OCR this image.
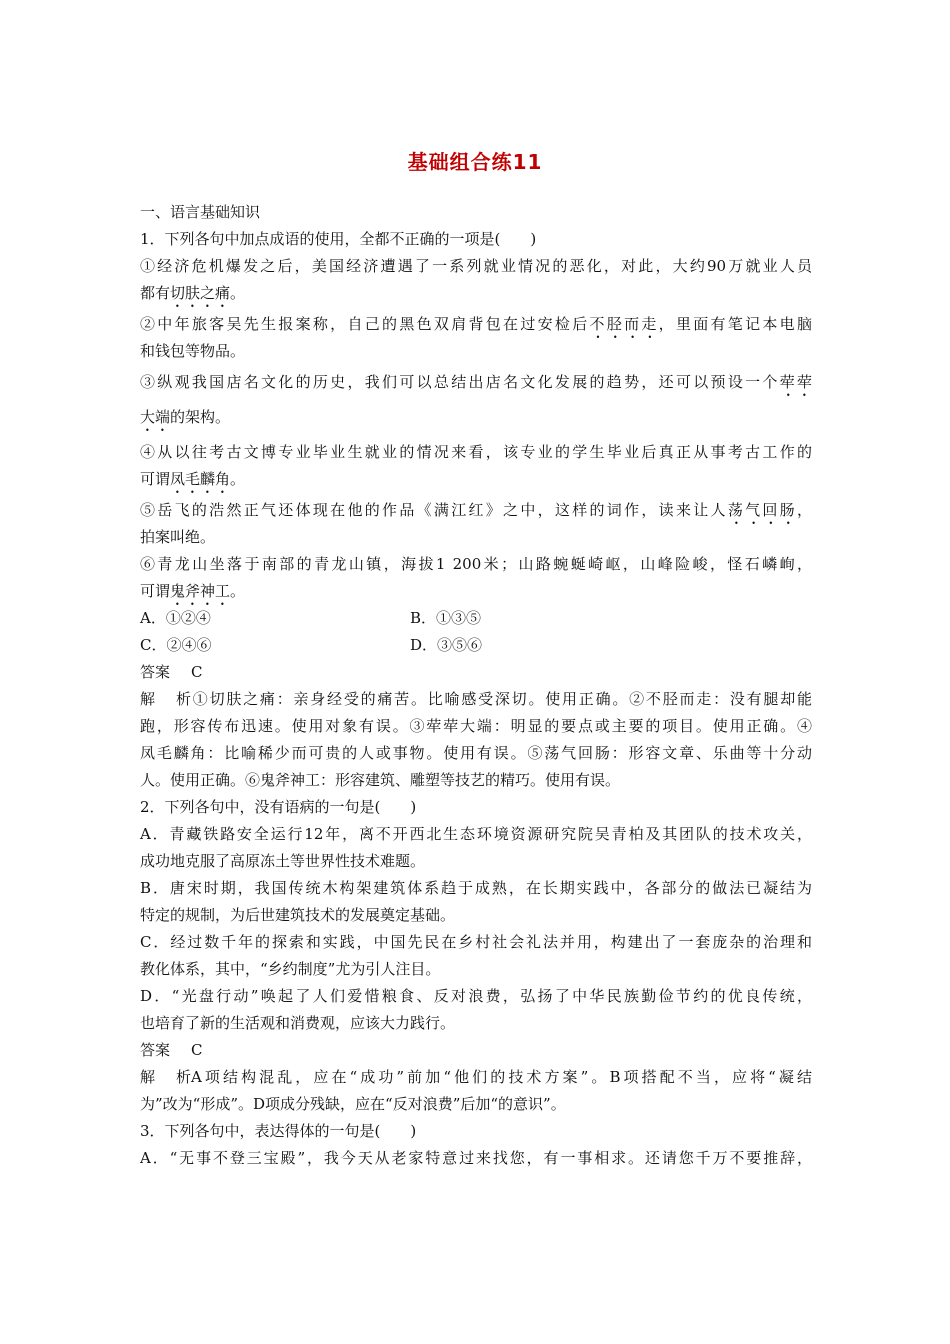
基础组合练11
一、语言基础知识
1．下列各句中加点成语的使用，全都不正确的一项是(　　)
①经济危机爆发之后，美国经济遭遇了一系列就业情况的恶化，对此，大约90万就业人员
都有切肤之痛。
②中年旅客吴先生报案称，自己的黑色双肩背包在过安检后不胫而走，里面有笔记本电脑
和钱包等物品。
③纵观我国店名文化的历史，我们可以总结出店名文化发展的趋势，还可以预设一个荦荦
大端的架构。
④从以往考古文博专业毕业生就业的情况来看，该专业的学生毕业后真正从事考古工作的
可谓凤毛麟角。
⑤岳飞的浩然正气还体现在他的作品《满江红》之中，这样的词作，读来让人荡气回肠，
拍案叫绝。
⑥青龙山坐落于南部的青龙山镇，海拔1 200米；山路蜿蜒崎岖，山峰险峻，怪石嶙峋，
可谓鬼斧神工。
A．①②④	B．①③⑤
C．②④⑥	D．③⑤⑥
答案 C
解析①切肤之痛：亲身经受的痛苦。比喻感受深切。使用正确。②不胫而走：没有腿却能
跑，形容传布迅速。使用对象有误。③荦荦大端：明显的要点或主要的项目。使用正确。④
凤毛麟角：比喻稀少而可贵的人或事物。使用有误。⑤荡气回肠：形容文章、乐曲等十分动
人。使用正确。⑥鬼斧神工：形容建筑、雕塑等技艺的精巧。使用有误。
2．下列各句中，没有语病的一句是(　　)
A．青藏铁路安全运行12年，离不开西北生态环境资源研究院吴青柏及其团队的技术攻关，
成功地克服了高原冻土等世界性技术难题。
B．唐宋时期，我国传统木构架建筑体系趋于成熟，在长期实践中，各部分的做法已凝结为
特定的规制，为后世建筑技术的发展奠定基础。
C．经过数千年的探索和实践，中国先民在乡村社会礼法并用，构建出了一套庞杂的治理和
教化体系，其中，“乡约制度”尤为引人注目。
D．“光盘行动”唤起了人们爱惜粮食、反对浪费，弘扬了中华民族勤俭节约的优良传统，
也培育了新的生活观和消费观，应该大力践行。
答案 C
解析A项结构混乱，应在“成功”前加“他们的技术方案”。B项搭配不当，应将“凝结
为”改为“形成”。D项成分残缺，应在“反对浪费”后加“的意识”。
3．下列各句中，表达得体的一句是(　　)
A．“无事不登三宝殿”，我今天从老家特意过来找您，有一事相求。还请您千万不要推辞，
